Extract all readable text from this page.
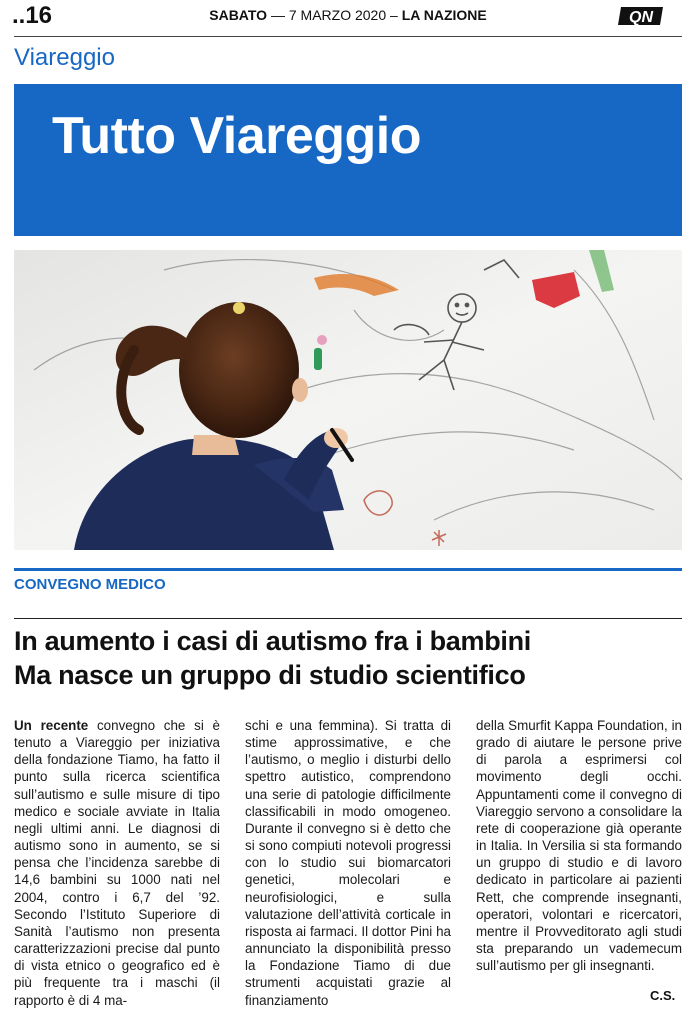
..16	SABATO — 7 MARZO 2020 – LA NAZIONE	QN
Viareggio
Tutto Viareggio
CONVEGNO MEDICO
In aumento i casi di autismo fra i bambini
Ma nasce un gruppo di studio scientifico
Un recente convegno che si è tenuto a Viareggio per iniziativa della fondazione Tiamo, ha fatto il punto sulla ricerca scientifica sull’autismo e sulle misure di tipo medico e sociale avviate in Italia negli ultimi anni. Le diagnosi di autismo sono in aumento, se si pensa che l’incidenza sarebbe di 14,6 bambini su 1000 nati nel 2004, contro i 6,7 del ’92. Secondo l’Istituto Superiore di Sanità l’autismo non presenta caratterizzazioni precise dal punto di vista etnico o geografico ed è più frequente tra i maschi (il rapporto è di 4 ma-
schi e una femmina). Si tratta di stime approssimative, e che l’autismo, o meglio i disturbi dello spettro autistico, comprendono una serie di patologie difficilmente classificabili in modo omogeneo. Durante il convegno si è detto che si sono compiuti notevoli progressi con lo studio sui biomarcatori genetici, molecolari e neurofisiologici, e sulla valutazione dell’attività corticale in risposta ai farmaci. Il dottor Pini ha annunciato la disponibilità presso la Fondazione Tiamo di due strumenti acquistati grazie al finanziamento
della Smurfit Kappa Foundation, in grado di aiutare le persone prive di parola a esprimersi col movimento degli occhi. Appuntamenti come il convegno di Viareggio servono a consolidare la rete di cooperazione già operante in Italia. In Versilia si sta formando un gruppo di studio e di lavoro dedicato in particolare ai pazienti Rett, che comprende insegnanti, operatori, volontari e ricercatori, mentre il Provveditorato agli studi sta preparando un vademecum sull’autismo per gli insegnanti.
C.S.
